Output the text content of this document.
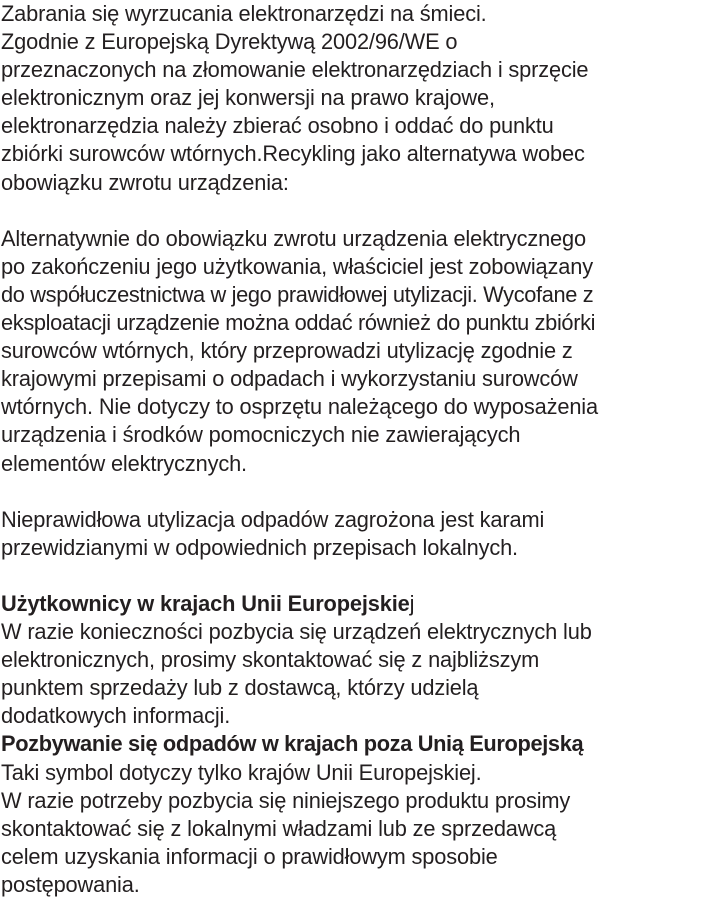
Zabrania się wyrzucania elektronarzędzi na śmieci.
Zgodnie z Europejską Dyrektywą 2002/96/WE o
przeznaczonych na złomowanie elektronarzędziach i sprzęcie
elektronicznym oraz jej konwersji na prawo krajowe,
elektronarzędzia należy zbierać osobno i oddać do punktu
zbiórki surowców wtórnych.Recykling jako alternatywa wobec
obowiązku zwrotu urządzenia:
Alternatywnie do obowiązku zwrotu urządzenia elektrycznego
po zakończeniu jego użytkowania, właściciel jest zobowiązany
do współuczestnictwa w jego prawidłowej utylizacji. Wycofane z
eksploatacji urządzenie można oddać również do punktu zbiórki
surowców wtórnych, który przeprowadzi utylizację zgodnie z
krajowymi przepisami o odpadach i wykorzystaniu surowców
wtórnych. Nie dotyczy to osprzętu należącego do wyposażenia
urządzenia i środków pomocniczych nie zawierających
elementów elektrycznych.
Nieprawidłowa utylizacja odpadów zagrożona jest karami
przewidzianymi w odpowiednich przepisach lokalnych.
Użytkownicy w krajach Unii Europejskiej
W razie konieczności pozbycia się urządzeń elektrycznych lub
elektronicznych, prosimy skontaktować się z najbliższym
punktem sprzedaży lub z dostawcą, którzy udzielą
dodatkowych informacji.
Pozbywanie się odpadów w krajach poza Unią Europejską
Taki symbol dotyczy tylko krajów Unii Europejskiej.
W razie potrzeby pozbycia się niniejszego produktu prosimy
skontaktować się z lokalnymi władzami lub ze sprzedawcą
celem uzyskania informacji o prawidłowym sposobie
postępowania.
